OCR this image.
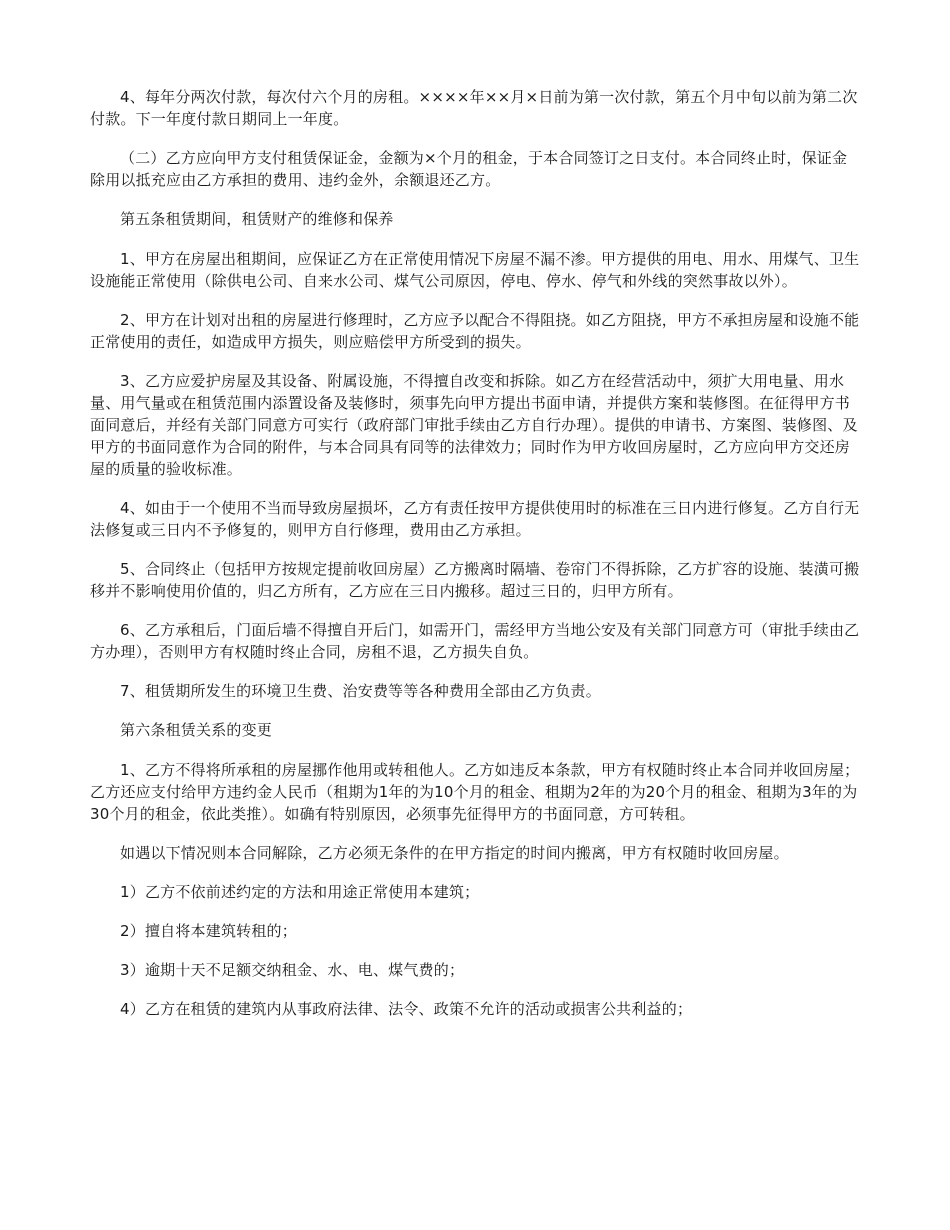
4、每年分两次付款，每次付六个月的房租。××××年××月×日前为第一次付款，第五个月中旬以前为第二次付款。下一年度付款日期同上一年度。

（二）乙方应向甲方支付租赁保证金，金额为×个月的租金，于本合同签订之日支付。本合同终止时，保证金除用以抵充应由乙方承担的费用、违约金外，余额退还乙方。

第五条租赁期间，租赁财产的维修和保养

1、甲方在房屋出租期间，应保证乙方在正常使用情况下房屋不漏不渗。甲方提供的用电、用水、用煤气、卫生设施能正常使用（除供电公司、自来水公司、煤气公司原因，停电、停水、停气和外线的突然事故以外）。

2、甲方在计划对出租的房屋进行修理时，乙方应予以配合不得阻挠。如乙方阻挠，甲方不承担房屋和设施不能正常使用的责任，如造成甲方损失，则应赔偿甲方所受到的损失。

3、乙方应爱护房屋及其设备、附属设施，不得擅自改变和拆除。如乙方在经营活动中，须扩大用电量、用水量、用气量或在租赁范围内添置设备及装修时，须事先向甲方提出书面申请，并提供方案和装修图。在征得甲方书面同意后，并经有关部门同意方可实行（政府部门审批手续由乙方自行办理）。提供的申请书、方案图、装修图、及甲方的书面同意作为合同的附件，与本合同具有同等的法律效力；同时作为甲方收回房屋时，乙方应向甲方交还房屋的质量的验收标准。

4、如由于一个使用不当而导致房屋损坏，乙方有责任按甲方提供使用时的标准在三日内进行修复。乙方自行无法修复或三日内不予修复的，则甲方自行修理，费用由乙方承担。

5、合同终止（包括甲方按规定提前收回房屋）乙方搬离时隔墙、卷帘门不得拆除，乙方扩容的设施、装潢可搬移并不影响使用价值的，归乙方所有，乙方应在三日内搬移。超过三日的，归甲方所有。

6、乙方承租后，门面后墙不得擅自开后门，如需开门，需经甲方当地公安及有关部门同意方可（审批手续由乙方办理），否则甲方有权随时终止合同，房租不退，乙方损失自负。

7、租赁期所发生的环境卫生费、治安费等等各种费用全部由乙方负责。

第六条租赁关系的变更

1、乙方不得将所承租的房屋挪作他用或转租他人。乙方如违反本条款，甲方有权随时终止本合同并收回房屋；乙方还应支付给甲方违约金人民币（租期为1年的为10个月的租金、租期为2年的为20个月的租金、租期为3年的为30个月的租金，依此类推）。如确有特别原因，必须事先征得甲方的书面同意，方可转租。

如遇以下情况则本合同解除，乙方必须无条件的在甲方指定的时间内搬离，甲方有权随时收回房屋。

1）乙方不依前述约定的方法和用途正常使用本建筑；

2）擅自将本建筑转租的；

3）逾期十天不足额交纳租金、水、电、煤气费的；

4）乙方在租赁的建筑内从事政府法律、法令、政策不允许的活动或损害公共利益的；
